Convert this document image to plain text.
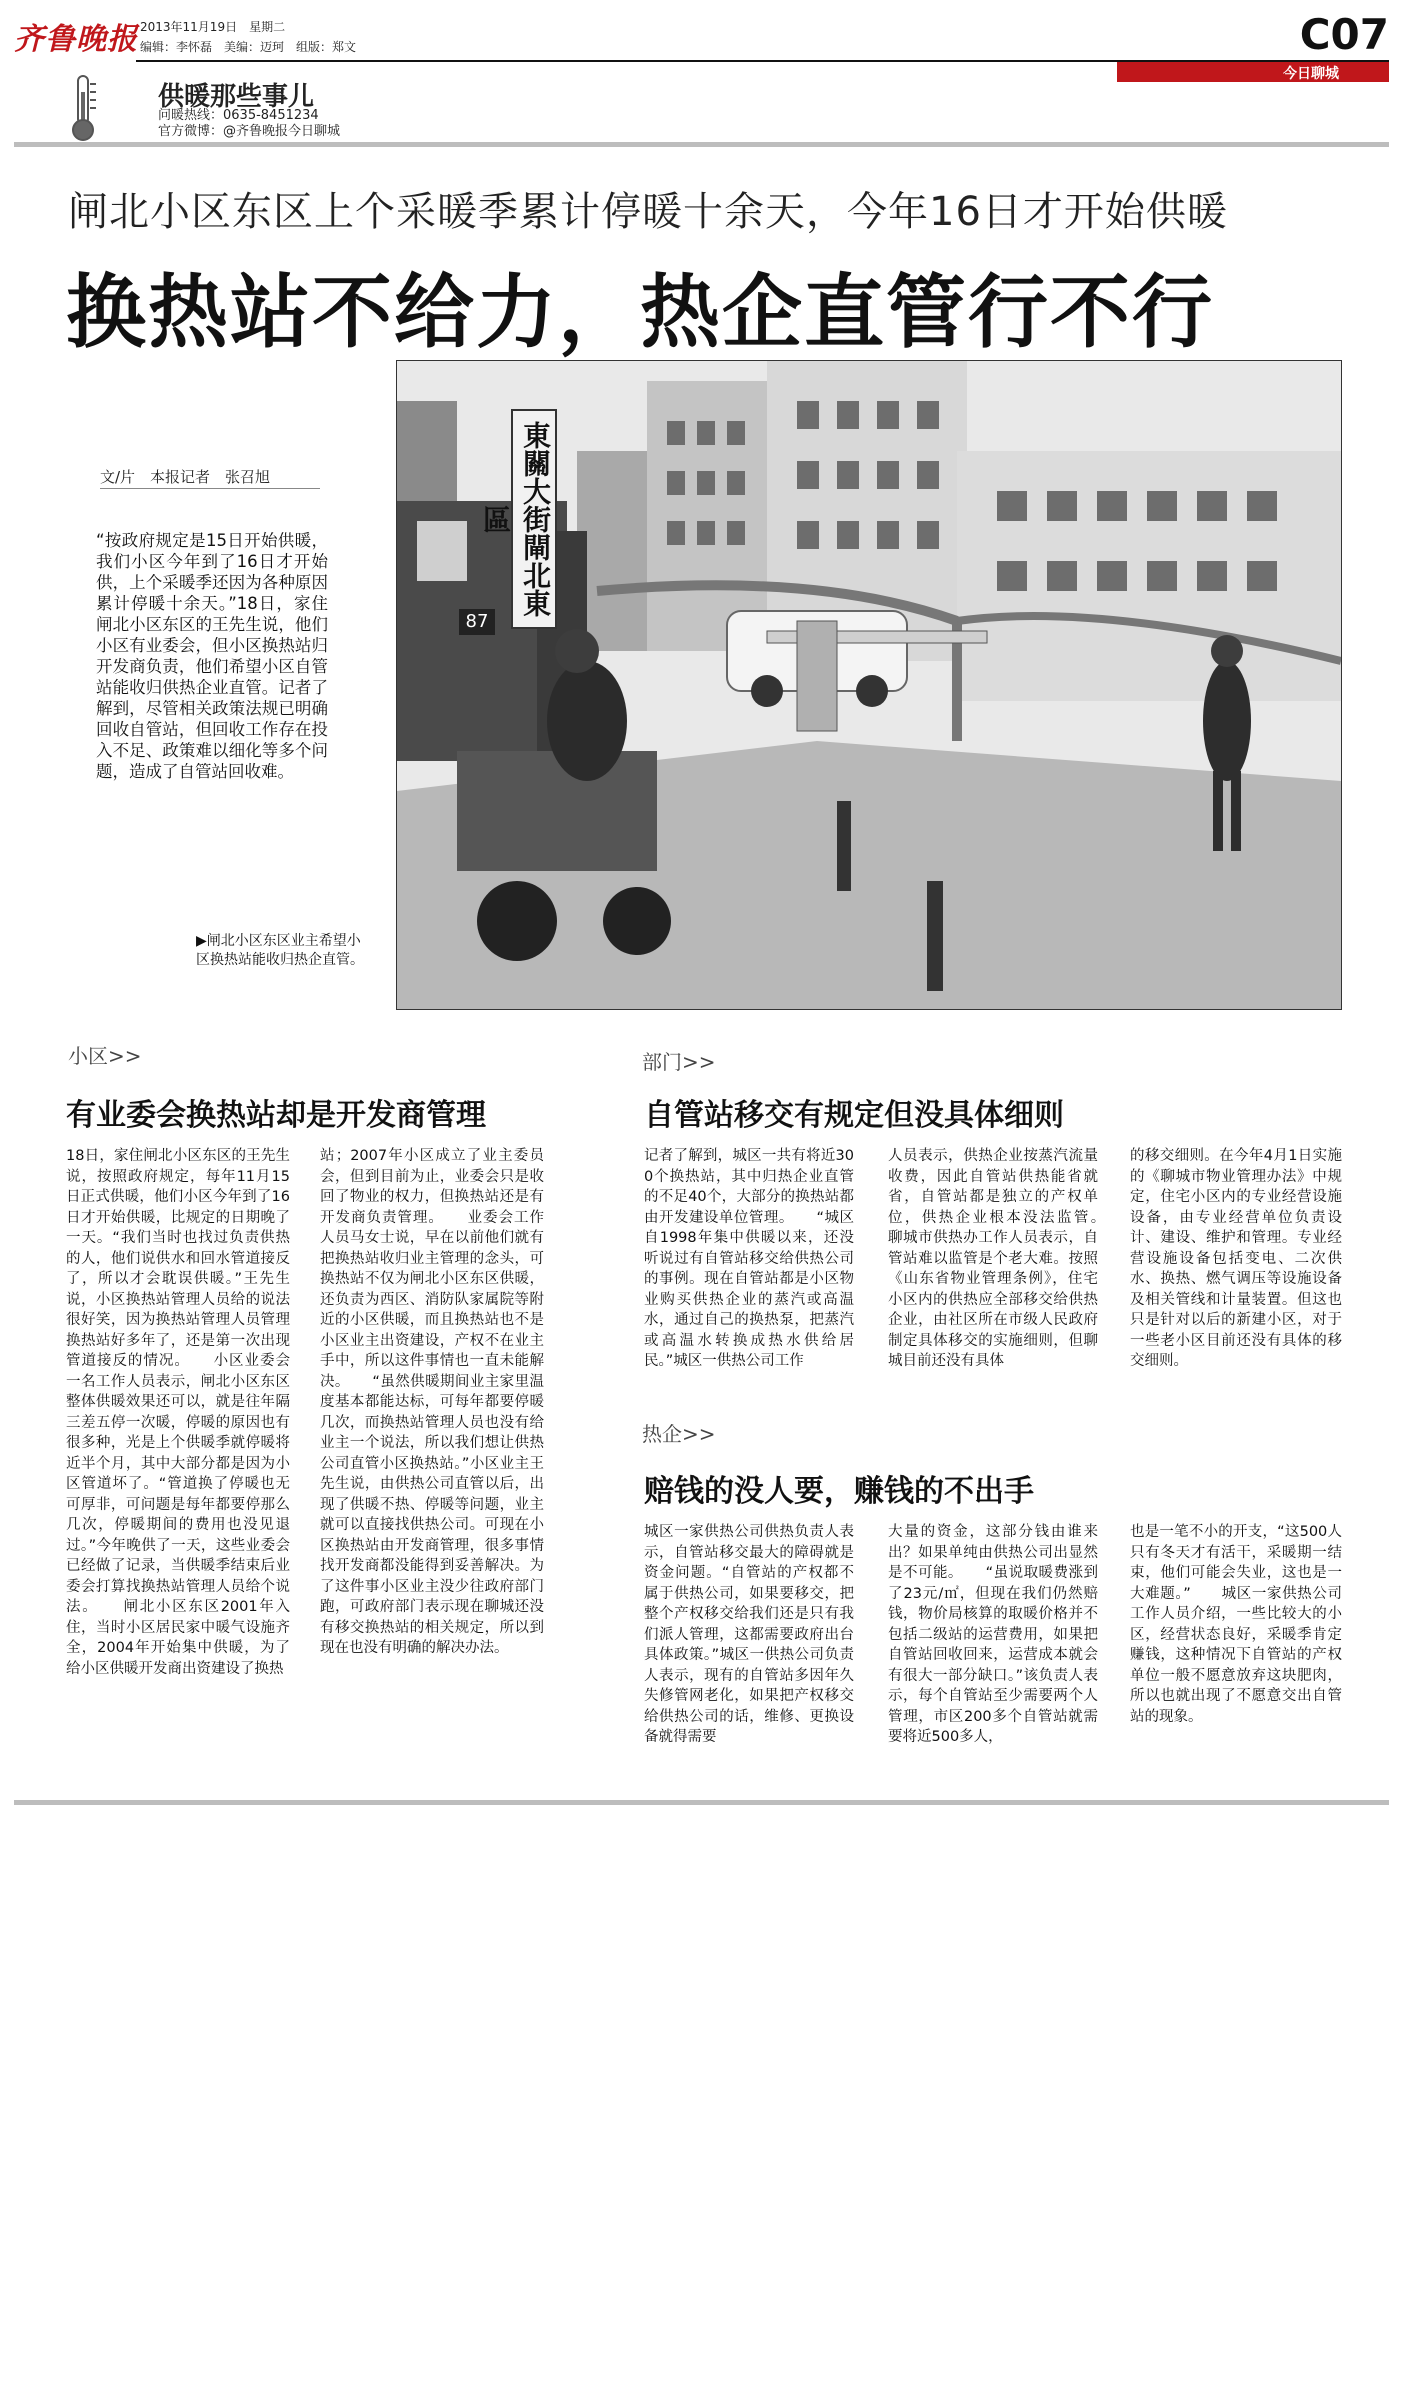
齐鲁晚报 2013年11月19日　星期二
编辑：李怀磊　美编：迈珂　组版：郑文	C07
今日聊城
供暖那些事儿
问暖热线：0635-8451234
官方微博：@齐鲁晚报今日聊城
闸北小区东区上个采暖季累计停暖十余天，今年16日才开始供暖
换热站不给力，热企直管行不行
文/片　本报记者　张召旭
“按政府规定是15日开始供暖，我们小区今年到了16日才开始供，上个采暖季还因为各种原因累计停暖十余天。”18日，家住闸北小区东区的王先生说，他们小区有业委会，但小区换热站归开发商负责，他们希望小区自管站能收归供热企业直管。记者了解到，尽管相关政策法规已明确回收自管站，但回收工作存在投入不足、政策难以细化等多个问题，造成了自管站回收难。
▶闸北小区东区业主希望小区换热站能收归热企直管。
東關大街閘北東區
87
小区>>
有业委会换热站却是开发商管理
18日，家住闸北小区东区的王先生说，按照政府规定，每年11月15日正式供暖，他们小区今年到了16日才开始供暖，比规定的日期晚了一天。“我们当时也找过负责供热的人，他们说供水和回水管道接反了，所以才会耽误供暖。”王先生说，小区换热站管理人员给的说法很好笑，因为换热站管理人员管理换热站好多年了，还是第一次出现管道接反的情况。　　小区业委会一名工作人员表示，闸北小区东区整体供暖效果还可以，就是往年隔三差五停一次暖，停暖的原因也有很多种，光是上个供暖季就停暖将近半个月，其中大部分都是因为小区管道坏了。“管道换了停暖也无可厚非，可问题是每年都要停那么几次，停暖期间的费用也没见退过。”今年晚供了一天，这些业委会已经做了记录，当供暖季结束后业委会打算找换热站管理人员给个说法。　　闸北小区东区2001年入住，当时小区居民家中暖气设施齐全，2004年开始集中供暖，为了给小区供暖开发商出资建设了换热
站；2007年小区成立了业主委员会，但到目前为止，业委会只是收回了物业的权力，但换热站还是有开发商负责管理。　　业委会工作人员马女士说，早在以前他们就有把换热站收归业主管理的念头，可换热站不仅为闸北小区东区供暖，还负责为西区、消防队家属院等附近的小区供暖，而且换热站也不是小区业主出资建设，产权不在业主手中，所以这件事情也一直未能解决。　　“虽然供暖期间业主家里温度基本都能达标，可每年都要停暖几次，而换热站管理人员也没有给业主一个说法，所以我们想让供热公司直管小区换热站。”小区业主王先生说，由供热公司直管以后，出现了供暖不热、停暖等问题，业主就可以直接找供热公司。可现在小区换热站由开发商管理，很多事情找开发商都没能得到妥善解决。为了这件事小区业主没少往政府部门跑，可政府部门表示现在聊城还没有移交换热站的相关规定，所以到现在也没有明确的解决办法。
部门>>
自管站移交有规定但没具体细则
记者了解到，城区一共有将近300个换热站，其中归热企业直管的不足40个，大部分的换热站都由开发建设单位管理。　　“城区自1998年集中供暖以来，还没听说过有自管站移交给供热公司的事例。现在自管站都是小区物业购买供热企业的蒸汽或高温水，通过自己的换热泵，把蒸汽或高温水转换成热水供给居民。”城区一供热公司工作
人员表示，供热企业按蒸汽流量收费，因此自管站供热能省就省，自管站都是独立的产权单位，供热企业根本没法监管。　　聊城市供热办工作人员表示，自管站难以监管是个老大难。按照《山东省物业管理条例》，住宅小区内的供热应全部移交给供热企业，由社区所在市级人民政府制定具体移交的实施细则，但聊城目前还没有具体
的移交细则。在今年4月1日实施的《聊城市物业管理办法》中规定，住宅小区内的专业经营设施设备，由专业经营单位负责设计、建设、维护和管理。专业经营设施设备包括变电、二次供水、换热、燃气调压等设施设备及相关管线和计量装置。但这也只是针对以后的新建小区，对于一些老小区目前还没有具体的移交细则。
热企>>
赔钱的没人要，赚钱的不出手
城区一家供热公司供热负责人表示，自管站移交最大的障碍就是资金问题。“自管站的产权都不属于供热公司，如果要移交，把整个产权移交给我们还是只有我们派人管理，这都需要政府出台具体政策。”城区一供热公司负责人表示，现有的自管站多因年久失修管网老化，如果把产权移交给供热公司的话，维修、更换设备就得需要
大量的资金，这部分钱由谁来出？如果单纯由供热公司出显然是不可能。　　“虽说取暖费涨到了23元/㎡，但现在我们仍然赔钱，物价局核算的取暖价格并不包括二级站的运营费用，如果把自管站回收回来，运营成本就会有很大一部分缺口。”该负责人表示，每个自管站至少需要两个人管理，市区200多个自管站就需要将近500多人，
也是一笔不小的开支，“这500人只有冬天才有活干，采暖期一结束，他们可能会失业，这也是一大难题。”　　城区一家供热公司工作人员介绍，一些比较大的小区，经营状态良好，采暖季肯定赚钱，这种情况下自管站的产权单位一般不愿意放弃这块肥肉，所以也就出现了不愿意交出自管站的现象。
